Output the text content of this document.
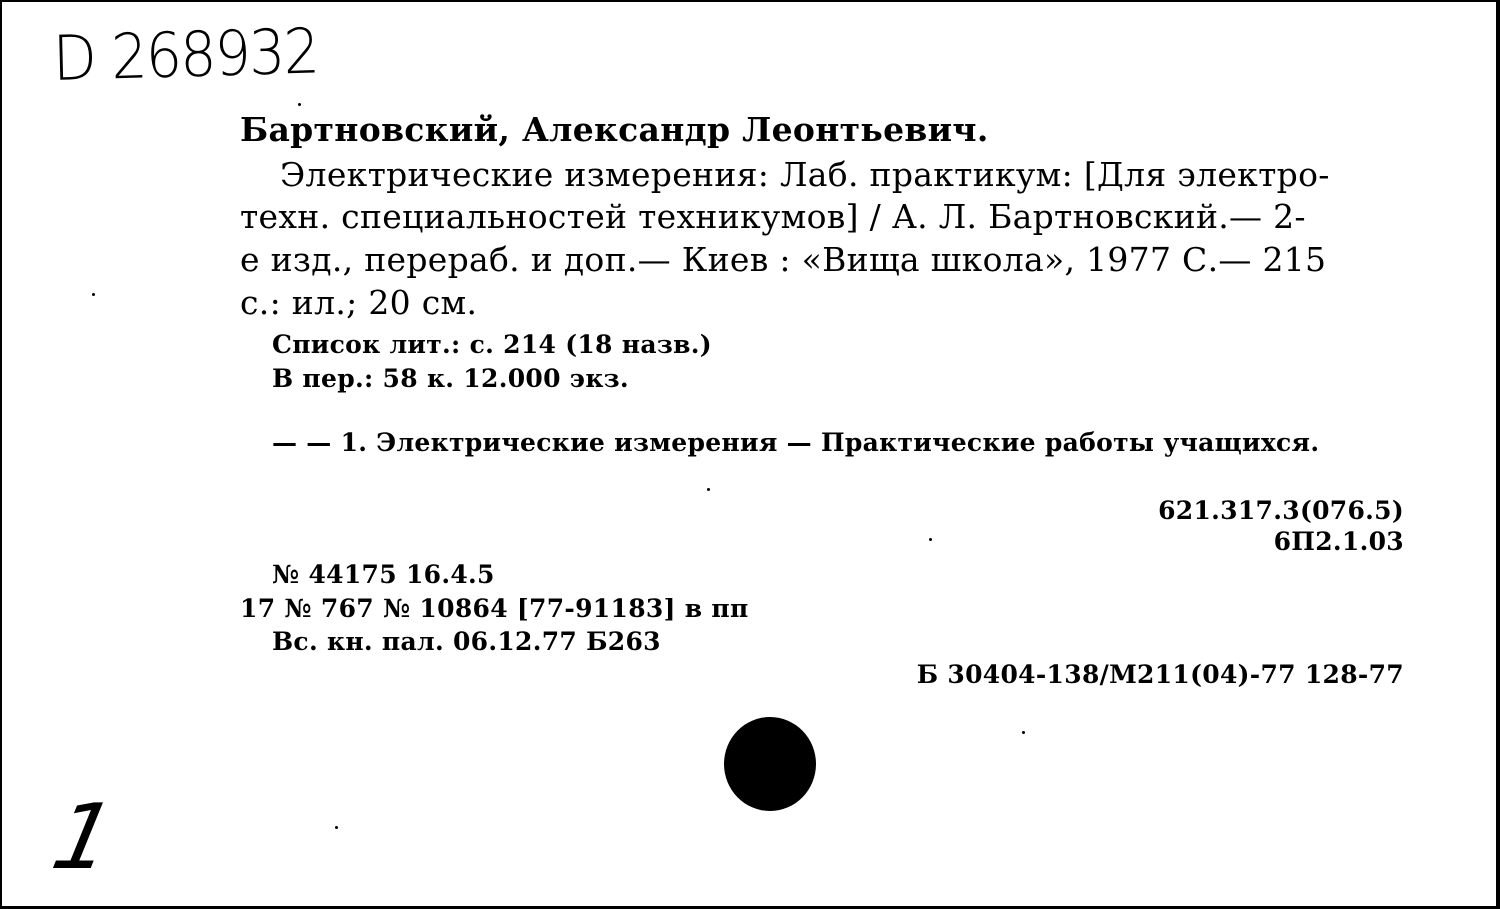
D 268932
Бартновский, Александр Леонтьевич.
Электрические измерения: Лаб. практикум: [Для электро-
техн. специальностей техникумов] / А. Л. Бартновский.— 2-
е изд., перераб. и доп.— Киев : «Вища школа», 1977 С.— 215
с.: ил.; 20 см.
Список лит.: с. 214 (18 назв.)
В пер.: 58 к. 12.000 экз.
— — 1. Электрические измерения — Практические работы учащихся.
621.317.3(076.5)
6П2.1.03
№ 44175 16.4.5
17 № 767 № 10864 [77-91183] в пп
Вс. кн. пал. 06.12.77 Б263
Б 30404-138/М211(04)-77 128-77
1
